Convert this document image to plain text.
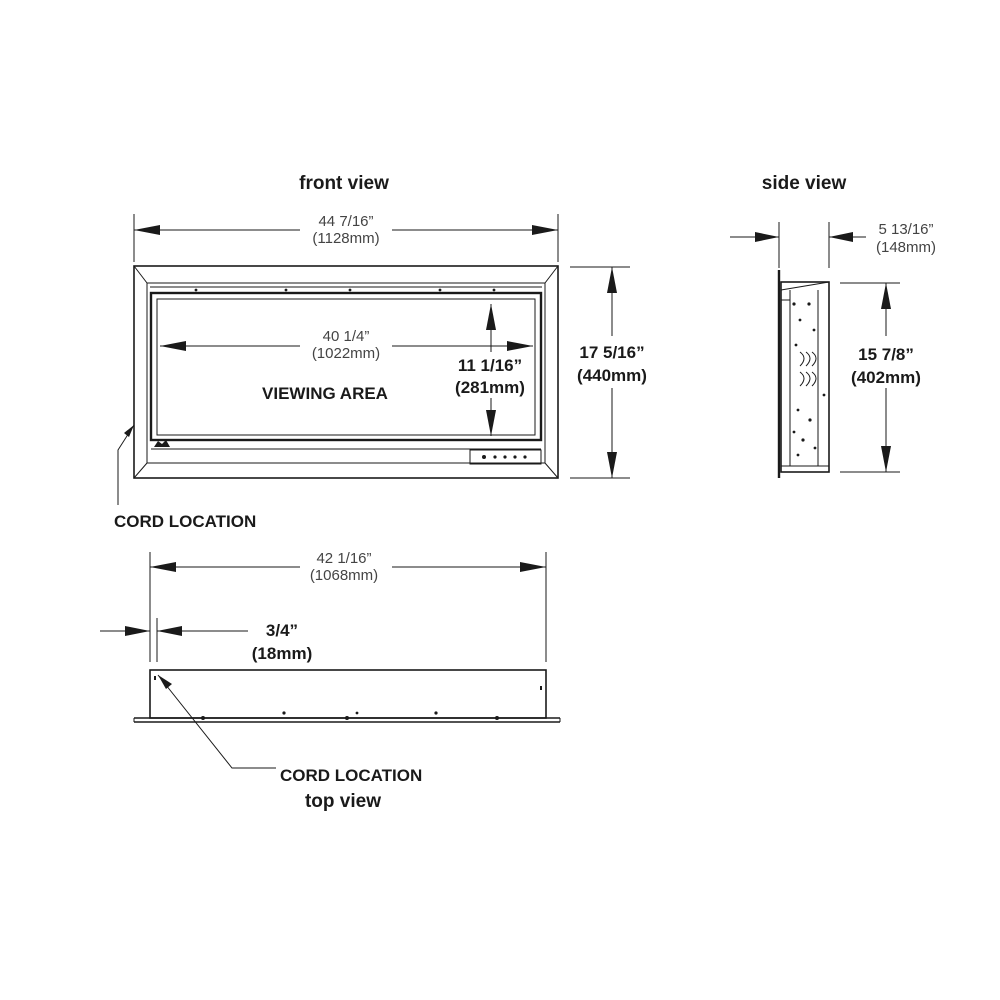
front view
44 7/16”
(1128mm)
40 1/4”
(1022mm)
VIEWING AREA
11 1/16”
(281mm)
17 5/16”
(440mm)
CORD LOCATION
side view
5 13/16”
(148mm)
15 7/8”
(402mm)
42 1/16”
(1068mm)
3/4”
(18mm)
CORD LOCATION
top view
